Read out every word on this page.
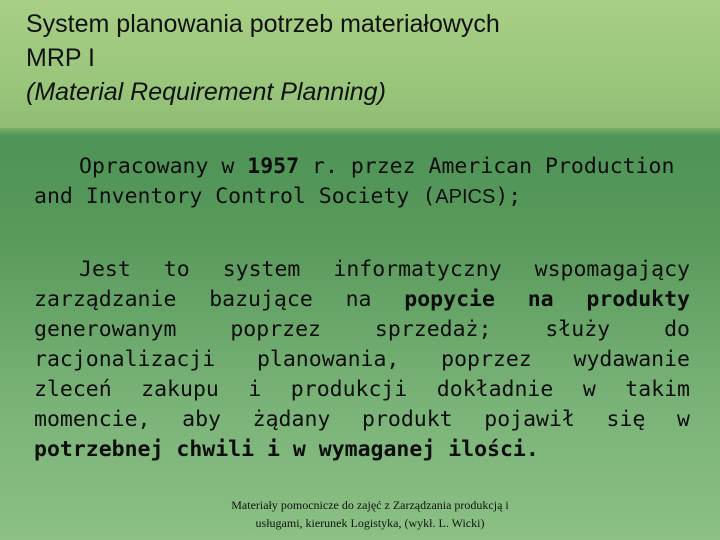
System planowania potrzeb materiałowych
MRP I
(Material Requirement Planning)

Opracowany w 1957 r. przez American Production and Inventory Control Society (APICS);

Jest to system informatyczny wspomagający zarządzanie bazujące na popycie na produkty generowanym poprzez sprzedaż; służy do racjonalizacji planowania, poprzez wydawanie zleceń zakupu i produkcji dokładnie w takim momencie, aby żądany produkt pojawił się w potrzebnej chwili i w wymaganej ilości.

Materiały pomocnicze do zajęć z Zarządzania produkcją i
usługami, kierunek Logistyka, (wykł. L. Wicki)
